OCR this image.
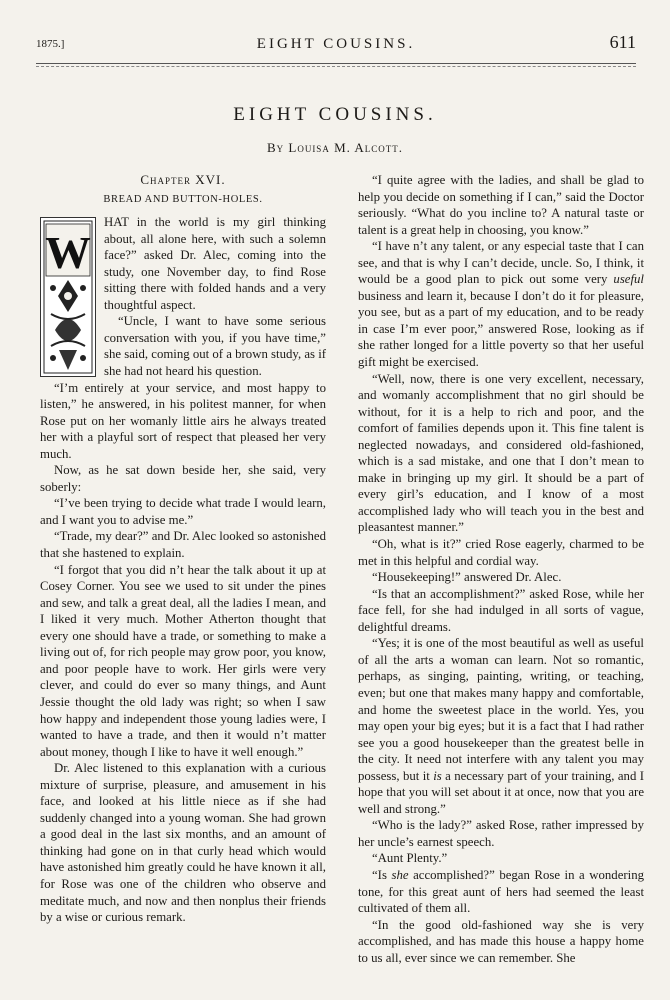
1875.]	EIGHT COUSINS.	611
EIGHT COUSINS.
By Louisa M. Alcott.
Chapter XVI.
BREAD AND BUTTON-HOLES.
W

HAT in the world is my girl thinking about, all alone here, with such a solemn face?” asked Dr. Alec, coming into the study, one November day, to find Rose sitting there with folded hands and a very thoughtful aspect.

“Uncle, I want to have some serious conversation with you, if you have time,” she said, coming out of a brown study, as if she had not heard his question.

“I’m entirely at your service, and most happy to listen,” he answered, in his politest manner, for when Rose put on her womanly little airs he always treated her with a playful sort of respect that pleased her very much.

Now, as he sat down beside her, she said, very soberly:

“I’ve been trying to decide what trade I would learn, and I want you to advise me.”

“Trade, my dear?” and Dr. Alec looked so astonished that she hastened to explain.

“I forgot that you did n’t hear the talk about it up at Cosey Corner. You see we used to sit under the pines and sew, and talk a great deal, all the ladies I mean, and I liked it very much. Mother Atherton thought that every one should have a trade, or something to make a living out of, for rich people may grow poor, you know, and poor people have to work. Her girls were very clever, and could do ever so many things, and Aunt Jessie thought the old lady was right; so when I saw how happy and independent those young ladies were, I wanted to have a trade, and then it would n’t matter about money, though I like to have it well enough.”

Dr. Alec listened to this explanation with a curious mixture of surprise, pleasure, and amusement in his face, and looked at his little niece as if she had suddenly changed into a young woman. She had grown a good deal in the last six months, and an amount of thinking had gone on in that curly head which would have astonished him greatly could he have known it all, for Rose was one of the children who observe and meditate much, and now and then nonplus their friends by a wise or curious remark.

“I quite agree with the ladies, and shall be glad to help you decide on something if I can,” said the Doctor seriously. “What do you incline to? A natural taste or talent is a great help in choosing, you know.”

“I have n’t any talent, or any especial taste that I can see, and that is why I can’t decide, uncle. So, I think, it would be a good plan to pick out some very useful business and learn it, because I don’t do it for pleasure, you see, but as a part of my education, and to be ready in case I’m ever poor,” answered Rose, looking as if she rather longed for a little poverty so that her useful gift might be exercised.

“Well, now, there is one very excellent, necessary, and womanly accomplishment that no girl should be without, for it is a help to rich and poor, and the comfort of families depends upon it. This fine talent is neglected nowadays, and considered old-fashioned, which is a sad mistake, and one that I don’t mean to make in bringing up my girl. It should be a part of every girl’s education, and I know of a most accomplished lady who will teach you in the best and pleasantest manner.”

“Oh, what is it?” cried Rose eagerly, charmed to be met in this helpful and cordial way.

“Housekeeping!” answered Dr. Alec.

“Is that an accomplishment?” asked Rose, while her face fell, for she had indulged in all sorts of vague, delightful dreams.

“Yes; it is one of the most beautiful as well as useful of all the arts a woman can learn. Not so romantic, perhaps, as singing, painting, writing, or teaching, even; but one that makes many happy and comfortable, and home the sweetest place in the world. Yes, you may open your big eyes; but it is a fact that I had rather see you a good housekeeper than the greatest belle in the city. It need not interfere with any talent you may possess, but it is a necessary part of your training, and I hope that you will set about it at once, now that you are well and strong.”

“Who is the lady?” asked Rose, rather impressed by her uncle’s earnest speech.

“Aunt Plenty.”

“Is she accomplished?” began Rose in a wondering tone, for this great aunt of hers had seemed the least cultivated of them all.

“In the good old-fashioned way she is very accomplished, and has made this house a happy home to us all, ever since we can remember. She
